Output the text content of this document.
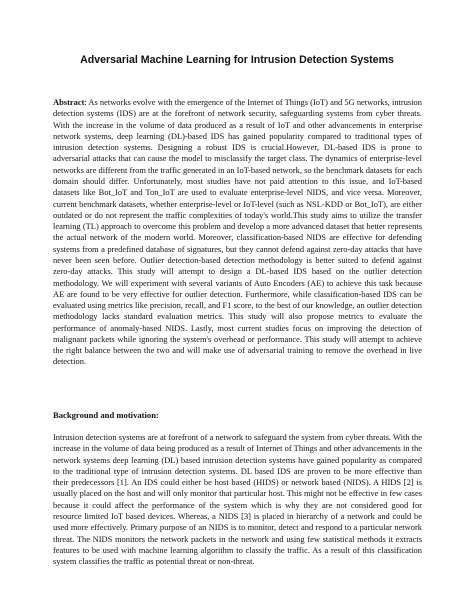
Adversarial Machine Learning for Intrusion Detection Systems

Abstract: As networks evolve with the emergence of the Internet of Things (IoT) and 5G networks, intrusion detection systems (IDS) are at the forefront of network security, safeguarding systems from cyber threats. With the increase in the volume of data produced as a result of IoT and other advancements in enterprise network systems, deep learning (DL)-based IDS has gained popularity compared to traditional types of intrusion detection systems. Designing a robust IDS is crucial.However, DL-based IDS is prone to adversarial attacks that can cause the model to misclassify the target class. The dynamics of enterprise-level networks are different from the traffic generated in an IoT-based network, so the benchmark datasets for each domain should differ. Unfortunately, most studies have not paid attention to this issue, and IoT-based datasets like Bot_IoT and Ton_IoT are used to evaluate enterprise-level NIDS, and vice versa. Moreover, current benchmark datasets, whether enterprise-level or IoT-level (such as NSL-KDD or Bot_IoT), are either outdated or do not represent the traffic complexities of today's world.This study aims to utilize the transfer learning (TL) approach to overcome this problem and develop a more advanced dataset that better represents the actual network of the modern world. Moreover, classification-based NIDS are effective for defending systems from a predefined database of signatures, but they cannot defend against zero-day attacks that have never been seen before. Outlier detection-based detection methodology is better suited to defend against zero-day attacks. This study will attempt to design a DL-based IDS based on the outlier detection methodology. We will experiment with several variants of Auto Encoders (AE) to achieve this task because AE are found to be very effective for outlier detection. Furthermore, while classification-based IDS can be evaluated using metrics like precision, recall, and F1 score, to the best of our knowledge, an outlier detection methodology lacks standard evaluation metrics. This study will also propose metrics to evaluate the performance of anomaly-based NIDS. Lastly, most current studies focus on improving the detection of malignant packets while ignoring the system's overhead or performance. This study will attempt to achieve the right balance between the two and will make use of adversarial training to remove the overhead in live detection.

Background and motivation:

Intrusion detection systems are at forefront of a network to safeguard the system from cyber threats. With the increase in the volume of data being produced as a result of Internet of Things and other advancements in the network systems deep learning (DL) based intrusion detection systems have gained popularity as compared to the traditional type of intrusion detection systems. DL based IDS are proven to be more effective than their predecessors [1]. An IDS could either be host based (HIDS) or network based (NIDS). A HIDS [2] is usually placed on the host and will only monitor that particular host. This might not be effective in few cases because it could affect the performance of the system which is why they are not considered good for resource limited IoT based devices. Whereas, a NIDS [3] is placed in hierarchy of a network and could be used more effectively. Primary purpose of an NIDS is to monitor, detect and respond to a particular network threat. The NIDS monitors the network packets in the network and using few statistical methods it extracts features to be used with machine learning algorithm to classify the traffic. As a result of this classification system classifies the traffic as potential threat or non-threat.
